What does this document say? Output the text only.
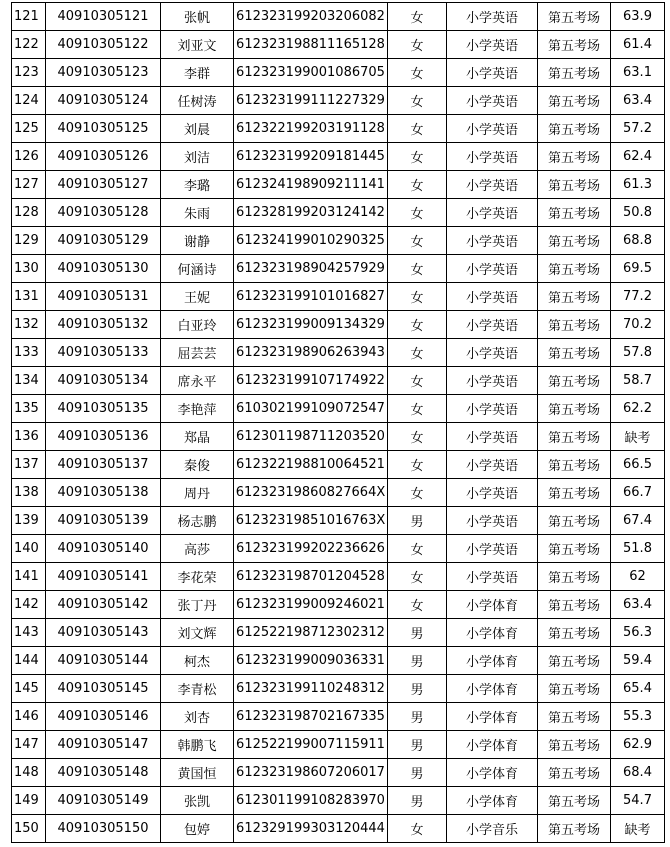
121	40910305121	张帆	612323199203206082	女	小学英语	第五考场	63.9
122	40910305122	刘亚文	612323198811165128	女	小学英语	第五考场	61.4
123	40910305123	李群	612323199001086705	女	小学英语	第五考场	63.1
124	40910305124	任树涛	612323199111227329	女	小学英语	第五考场	63.4
125	40910305125	刘晨	612322199203191128	女	小学英语	第五考场	57.2
126	40910305126	刘洁	612323199209181445	女	小学英语	第五考场	62.4
127	40910305127	李璐	612324198909211141	女	小学英语	第五考场	61.3
128	40910305128	朱雨	612328199203124142	女	小学英语	第五考场	50.8
129	40910305129	谢静	612324199010290325	女	小学英语	第五考场	68.8
130	40910305130	何涵诗	612323198904257929	女	小学英语	第五考场	69.5
131	40910305131	王妮	612323199101016827	女	小学英语	第五考场	77.2
132	40910305132	白亚玲	612323199009134329	女	小学英语	第五考场	70.2
133	40910305133	屈芸芸	612323198906263943	女	小学英语	第五考场	57.8
134	40910305134	席永平	612323199107174922	女	小学英语	第五考场	58.7
135	40910305135	李艳萍	610302199109072547	女	小学英语	第五考场	62.2
136	40910305136	郑晶	612301198711203520	女	小学英语	第五考场	缺考
137	40910305137	秦俊	612322198810064521	女	小学英语	第五考场	66.5
138	40910305138	周丹	61232319860827664X	女	小学英语	第五考场	66.7
139	40910305139	杨志鹏	61232319851016763X	男	小学英语	第五考场	67.4
140	40910305140	高莎	612323199202236626	女	小学英语	第五考场	51.8
141	40910305141	李花荣	612323198701204528	女	小学英语	第五考场	62
142	40910305142	张丁丹	612323199009246021	女	小学体育	第五考场	63.4
143	40910305143	刘文辉	612522198712302312	男	小学体育	第五考场	56.3
144	40910305144	柯杰	612323199009036331	男	小学体育	第五考场	59.4
145	40910305145	李青松	612323199110248312	男	小学体育	第五考场	65.4
146	40910305146	刘杏	612323198702167335	男	小学体育	第五考场	55.3
147	40910305147	韩鹏飞	612522199007115911	男	小学体育	第五考场	62.9
148	40910305148	黄国恒	612323198607206017	男	小学体育	第五考场	68.4
149	40910305149	张凯	612301199108283970	男	小学体育	第五考场	54.7
150	40910305150	包婷	612329199303120444	女	小学音乐	第五考场	缺考
